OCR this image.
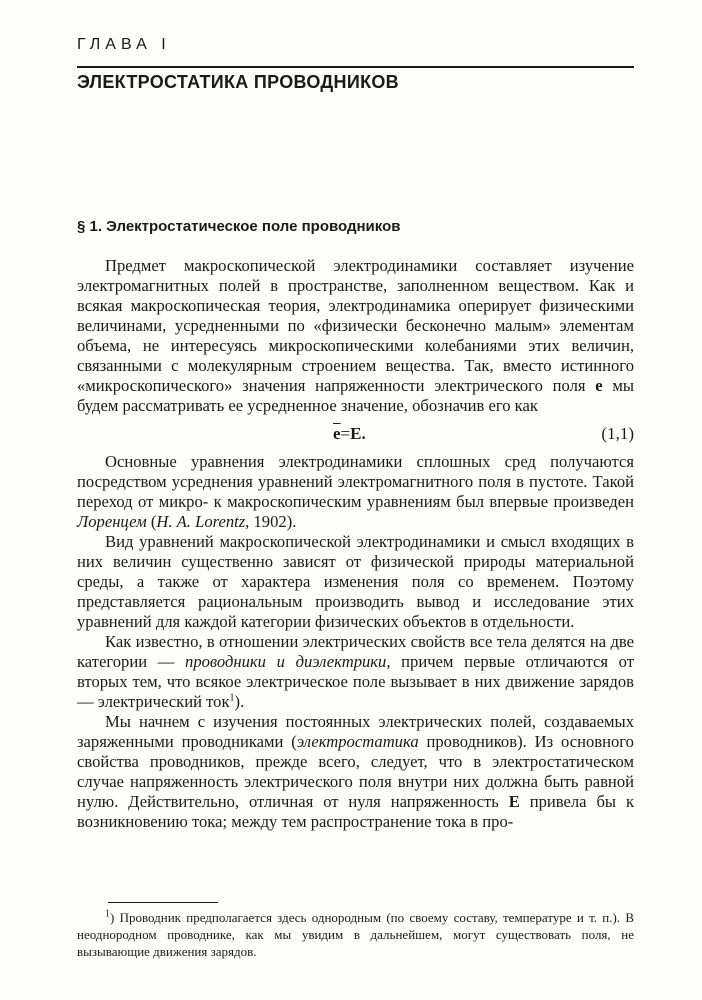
ГЛАВА I
ЭЛЕКТРОСТАТИКА ПРОВОДНИКОВ
§ 1. Электростатическое поле проводников

Предмет макроскопической электродинамики составляет изучение электромагнитных полей в пространстве, заполненном веществом. Как и всякая макроскопическая теория, электродинамика оперирует физическими величинами, усредненными по «физически бесконечно малым» элементам объема, не интересуясь микроскопическими колебаниями этих величин, связанными с молекулярным строением вещества. Так, вместо истинного «микроскопического» значения напряженности электрического поля e мы будем рассматривать ее усредненное значение, обозначив его как

$\overline{e}=E$.	(1,1)

Основные уравнения электродинамики сплошных сред получаются посредством усреднения уравнений электромагнитного поля в пустоте. Такой переход от микро- к макроскопическим уравнениям был впервые произведен Лоренцем (Н. А. Lorentz, 1902).

Вид уравнений макроскопической электродинамики и смысл входящих в них величин существенно зависят от физической природы материальной среды, а также от характера изменения поля со временем. Поэтому представляется рациональным производить вывод и исследование этих уравнений для каждой категории физических объектов в отдельности.

Как известно, в отношении электрических свойств все тела делятся на две категории — проводники и диэлектрики, причем первые отличаются от вторых тем, что всякое электрическое поле вызывает в них движение зарядов — электрический ток$^1$).

Мы начнем с изучения постоянных электрических полей, создаваемых заряженными проводниками (электростатика проводников). Из основного свойства проводников, прежде всего, следует, что в электростатическом случае напряженность электрического поля внутри них должна быть равной нулю. Действительно, отличная от нуля напряженность E привела бы к возникновению тока; между тем распространение тока в про-

$^1$) Проводник предполагается здесь однородным (по своему составу, температуре и т. п.). В неоднородном проводнике, как мы увидим в дальнейшем, могут существовать поля, не вызывающие движения зарядов.
